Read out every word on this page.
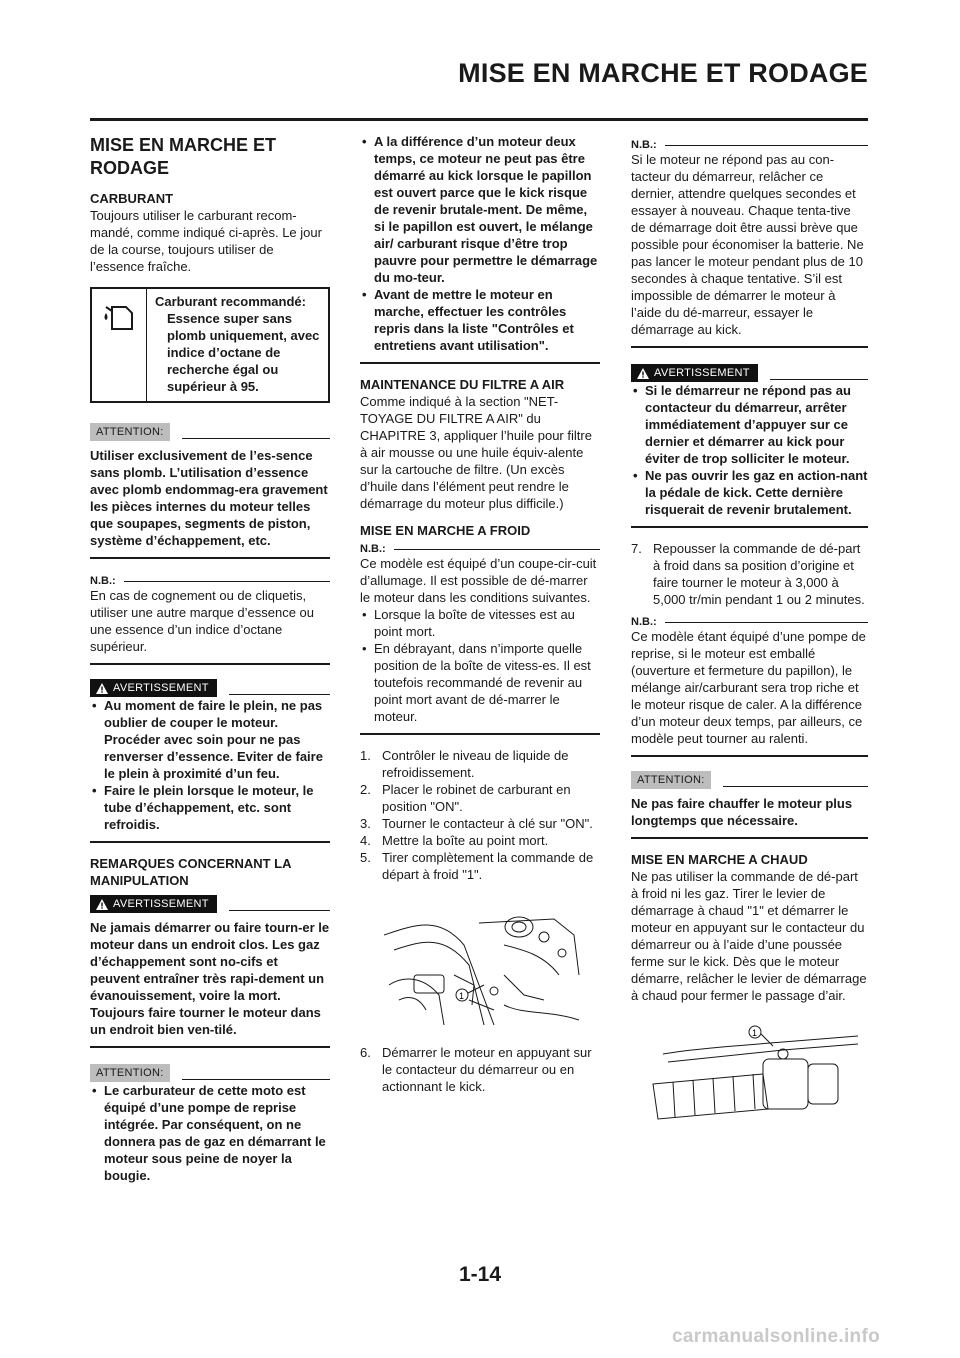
MISE EN MARCHE ET RODAGE
MISE EN MARCHE ET RODAGE
CARBURANT
Toujours utiliser le carburant recom-mandé, comme indiqué ci-après. Le jour de la course, toujours utiliser de l’essence fraîche.
Carburant recommandé:
Essence super sans plomb uniquement, avec indice d’octane de recherche égal ou supérieur à 95.
ATTENTION:
Utiliser exclusivement de l’es-sence sans plomb. L’utilisation d’essence avec plomb endommag-era gravement les pièces internes du moteur telles que soupapes, segments de piston, système d’échappement, etc.
N.B.:
En cas de cognement ou de cliquetis, utiliser une autre marque d’essence ou une essence d’un indice d’octane supérieur.
AVERTISSEMENT
• Au moment de faire le plein, ne pas oublier de couper le moteur. Procéder avec soin pour ne pas renverser d’essence. Eviter de faire le plein à proximité d’un feu.
• Faire le plein lorsque le moteur, le tube d’échappement, etc. sont refroidis.
REMARQUES CONCERNANT LA MANIPULATION
AVERTISSEMENT
Ne jamais démarrer ou faire tourn-er le moteur dans un endroit clos. Les gaz d’échappement sont no-cifs et peuvent entraîner très rapi-dement un évanouissement, voire la mort. Toujours faire tourner le moteur dans un endroit bien ven-tilé.
ATTENTION:
• Le carburateur de cette moto est équipé d’une pompe de reprise intégrée. Par conséquent, on ne donnera pas de gaz en démarrant le moteur sous peine de noyer la bougie.
• A la différence d’un moteur deux temps, ce moteur ne peut pas être démarré au kick lorsque le papillon est ouvert parce que le kick risque de revenir brutale-ment. De même, si le papillon est ouvert, le mélange air/ carburant risque d’être trop pauvre pour permettre le démarrage du mo-teur.
• Avant de mettre le moteur en marche, effectuer les contrôles repris dans la liste "Contrôles et entretiens avant utilisation".
MAINTENANCE DU FILTRE A AIR
Comme indiqué à la section "NET-TOYAGE DU FILTRE A AIR" du CHAPITRE 3, appliquer l’huile pour filtre à air mousse ou une huile équiv-alente sur la cartouche de filtre. (Un excès d’huile dans l’élément peut rendre le démarrage du moteur plus difficile.)
MISE EN MARCHE A FROID
N.B.:
Ce modèle est équipé d’un coupe-cir-cuit d’allumage. Il est possible de dé-marrer le moteur dans les conditions suivantes.
• Lorsque la boîte de vitesses est au point mort.
• En débrayant, dans n’importe quelle position de la boîte de vitess-es. Il est toutefois recommandé de revenir au point mort avant de dé-marrer le moteur.
1. Contrôler le niveau de liquide de refroidissement.
2. Placer le robinet de carburant en position "ON".
3. Tourner le contacteur à clé sur "ON".
4. Mettre la boîte au point mort.
5. Tirer complètement la commande de départ à froid "1".
1
6. Démarrer le moteur en appuyant sur le contacteur du démarreur ou en actionnant le kick.
N.B.:
Si le moteur ne répond pas au con-tacteur du démarreur, relâcher ce dernier, attendre quelques secondes et essayer à nouveau. Chaque tenta-tive de démarrage doit être aussi brève que possible pour économiser la batterie. Ne pas lancer le moteur pendant plus de 10 secondes à chaque tentative. S’il est impossible de démarrer le moteur à l’aide du dé-marreur, essayer le démarrage au kick.
AVERTISSEMENT
• Si le démarreur ne répond pas au contacteur du démarreur, arrêter immédiatement d’appuyer sur ce dernier et démarrer au kick pour éviter de trop solliciter le moteur.
• Ne pas ouvrir les gaz en action-nant la pédale de kick. Cette dernière risquerait de revenir brutalement.
7. Repousser la commande de dé-part à froid dans sa position d’origine et faire tourner le moteur à 3,000 à 5,000 tr/min pendant 1 ou 2 minutes.
N.B.:
Ce modèle étant équipé d’une pompe de reprise, si le moteur est emballé (ouverture et fermeture du papillon), le mélange air/carburant sera trop riche et le moteur risque de caler. A la différence d’un moteur deux temps, par ailleurs, ce modèle peut tourner au ralenti.
ATTENTION:
Ne pas faire chauffer le moteur plus longtemps que nécessaire.
MISE EN MARCHE A CHAUD
Ne pas utiliser la commande de dé-part à froid ni les gaz. Tirer le levier de démarrage à chaud "1" et démarrer le moteur en appuyant sur le contacteur du démarreur ou à l’aide d’une poussée ferme sur le kick. Dès que le moteur démarre, relâcher le levier de démarrage à chaud pour fermer le passage d’air.
1
1-14
carmanualsonline.info
